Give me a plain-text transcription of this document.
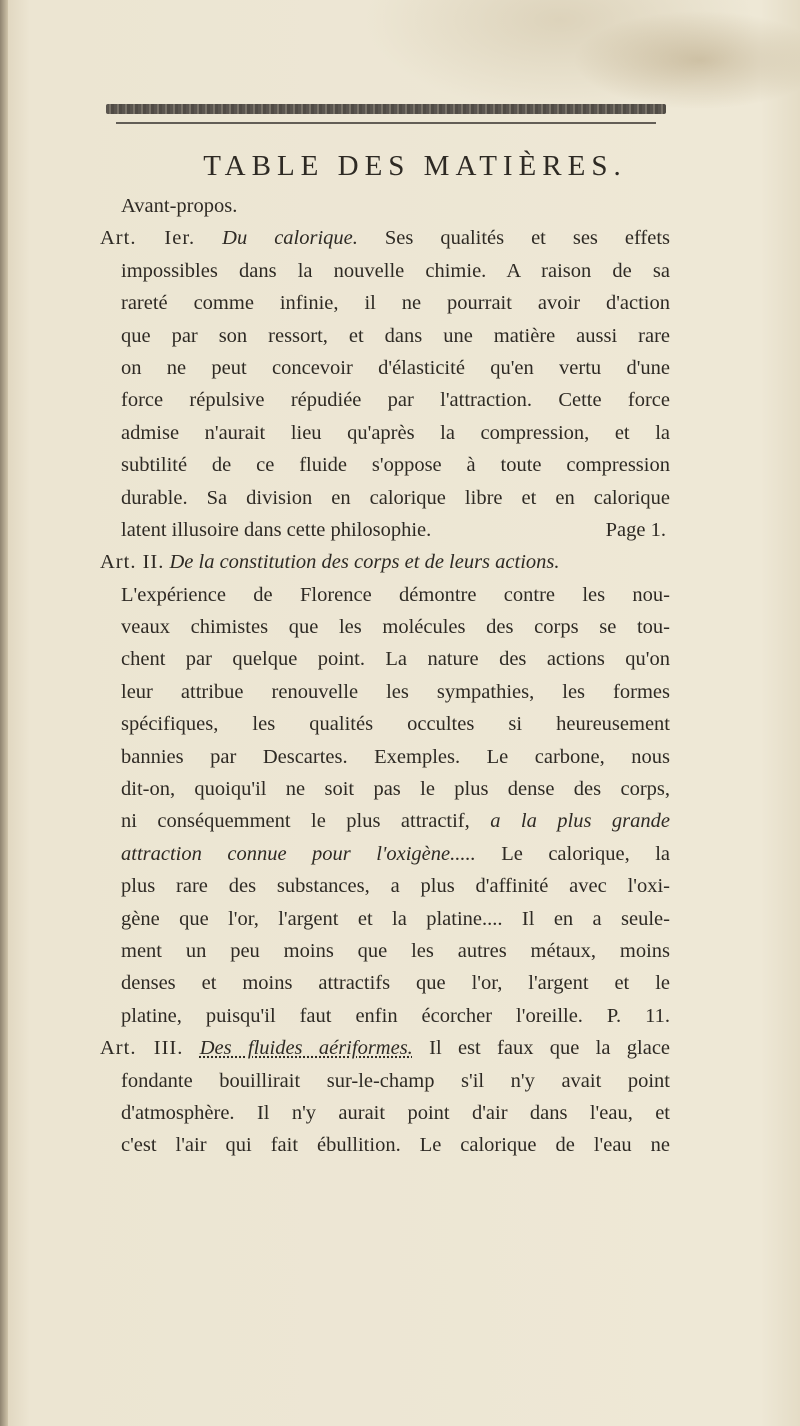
TABLE DES MATIÈRES.
Avant-propos.
Art. Ier. Du calorique. Ses qualités et ses effets
impossibles dans la nouvelle chimie. A raison de sa
rareté comme infinie, il ne pourrait avoir d'action
que par son ressort, et dans une matière aussi rare
on ne peut concevoir d'élasticité qu'en vertu d'une
force répulsive répudiée par l'attraction. Cette force
admise n'aurait lieu qu'après la compression, et la
subtilité de ce fluide s'oppose à toute compression
durable. Sa division en calorique libre et en calorique
latent illusoire dans cette philosophie.	Page 1.
Art. II. De la constitution des corps et de leurs actions.
L'expérience de Florence démontre contre les nou-
veaux chimistes que les molécules des corps se tou-
chent par quelque point. La nature des actions qu'on
leur attribue renouvelle les sympathies, les formes
spécifiques, les qualités occultes si heureusement
bannies par Descartes. Exemples. Le carbone, nous
dit-on, quoiqu'il ne soit pas le plus dense des corps,
ni conséquemment le plus attractif, a la plus grande
attraction connue pour l'oxigène..... Le calorique, la
plus rare des substances, a plus d'affinité avec l'oxi-
gène que l'or, l'argent et la platine.... Il en a seule-
ment un peu moins que les autres métaux, moins
denses et moins attractifs que l'or, l'argent et le
platine, puisqu'il faut enfin écorcher l'oreille. P. 11.
Art. III. Des fluides aériformes. Il est faux que la glace
fondante bouillirait sur-le-champ s'il n'y avait point
d'atmosphère. Il n'y aurait point d'air dans l'eau, et
c'est l'air qui fait ébullition. Le calorique de l'eau ne
